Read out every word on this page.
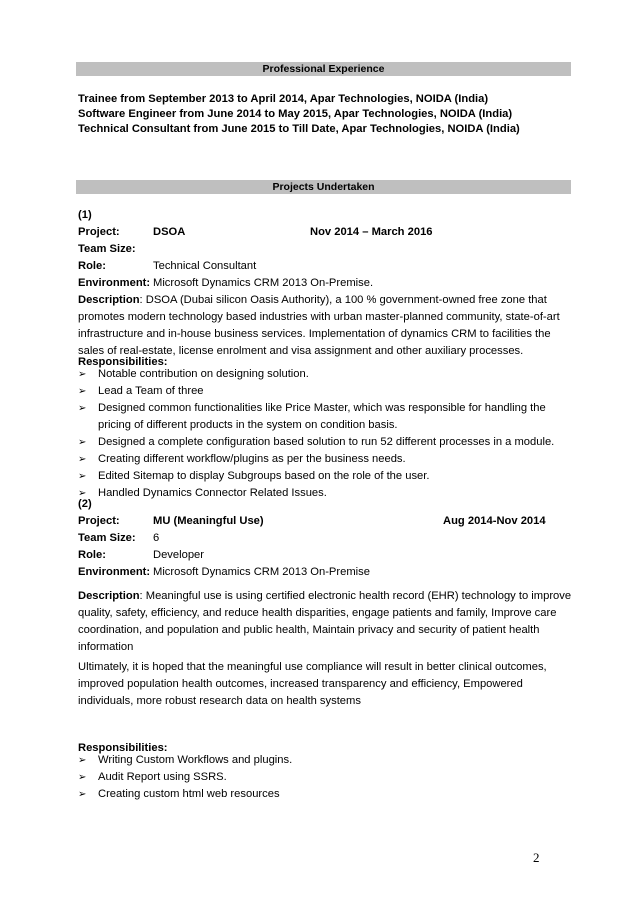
Professional Experience
Trainee from September 2013 to April 2014, Apar Technologies, NOIDA (India)
Software Engineer from June 2014 to May 2015, Apar Technologies, NOIDA (India)
Technical Consultant from June 2015 to Till Date, Apar Technologies, NOIDA (India)
Projects Undertaken
(1)
Project:	DSOA	Nov 2014 – March 2016
Team Size:
Role:	Technical Consultant
Environment: Microsoft Dynamics CRM 2013 On-Premise.
Description: DSOA (Dubai silicon Oasis Authority), a 100 % government-owned free zone that promotes modern technology based industries with urban master-planned community, state-of-art infrastructure and in-house business services. Implementation of dynamics CRM to facilities the sales of real-estate, license enrolment and visa assignment and other auxiliary processes.
Responsibilities:
➢ Notable contribution on designing solution.
➢ Lead a Team of three
➢ Designed common functionalities like Price Master, which was responsible for handling the pricing of different products in the system on condition basis.
➢ Designed a complete configuration based solution to run 52 different processes in a module.
➢ Creating different workflow/plugins as per the business needs.
➢ Edited Sitemap to display Subgroups based on the role of the user.
➢ Handled Dynamics Connector Related Issues.
(2)
Project:	MU (Meaningful Use)	Aug 2014-Nov 2014
Team Size: 6
Role:	Developer
Environment: Microsoft Dynamics CRM 2013 On-Premise
Description: Meaningful use is using certified electronic health record (EHR) technology to improve quality, safety, efficiency, and reduce health disparities, engage patients and family, Improve care coordination, and population and public health, Maintain privacy and security of patient health information
Ultimately, it is hoped that the meaningful use compliance will result in better clinical outcomes, improved population health outcomes, increased transparency and efficiency, Empowered individuals, more robust research data on health systems
Responsibilities:
➢ Writing Custom Workflows and plugins.
➢ Audit Report using SSRS.
➢ Creating custom html web resources
2
